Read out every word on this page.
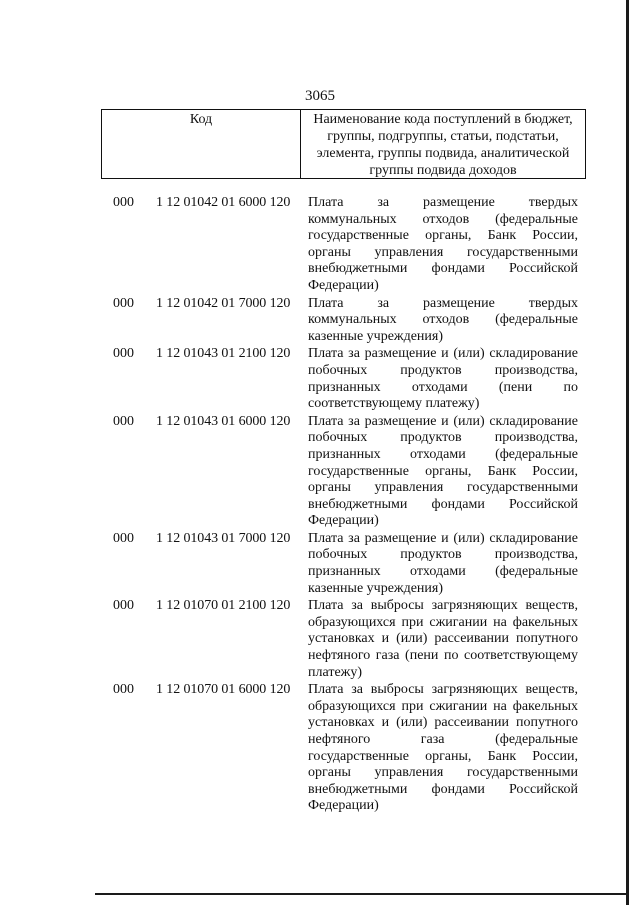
3065
Код	Наименование кода поступлений в бюджет, группы, подгруппы, статьи, подстатьи, элемента, группы подвида, аналитической группы подвида доходов
000 1 12 01042 01 6000 120 Плата за размещение твердых коммунальных отходов (федеральные государственные органы, Банк России, органы управления государственными внебюджетными фондами Российской Федерации)
000 1 12 01042 01 7000 120 Плата за размещение твердых коммунальных отходов (федеральные казенные учреждения)
000 1 12 01043 01 2100 120 Плата за размещение и (или) складирование побочных продуктов производства, признанных отходами (пени по соответствующему платежу)
000 1 12 01043 01 6000 120 Плата за размещение и (или) складирование побочных продуктов производства, признанных отходами (федеральные государственные органы, Банк России, органы управления государственными внебюджетными фондами Российской Федерации)
000 1 12 01043 01 7000 120 Плата за размещение и (или) складирование побочных продуктов производства, признанных отходами (федеральные казенные учреждения)
000 1 12 01070 01 2100 120 Плата за выбросы загрязняющих веществ, образующихся при сжигании на факельных установках и (или) рассеивании попутного нефтяного газа (пени по соответствующему платежу)
000 1 12 01070 01 6000 120 Плата за выбросы загрязняющих веществ, образующихся при сжигании на факельных установках и (или) рассеивании попутного нефтяного газа (федеральные государственные органы, Банк России, органы управления государственными внебюджетными фондами Российской Федерации)
